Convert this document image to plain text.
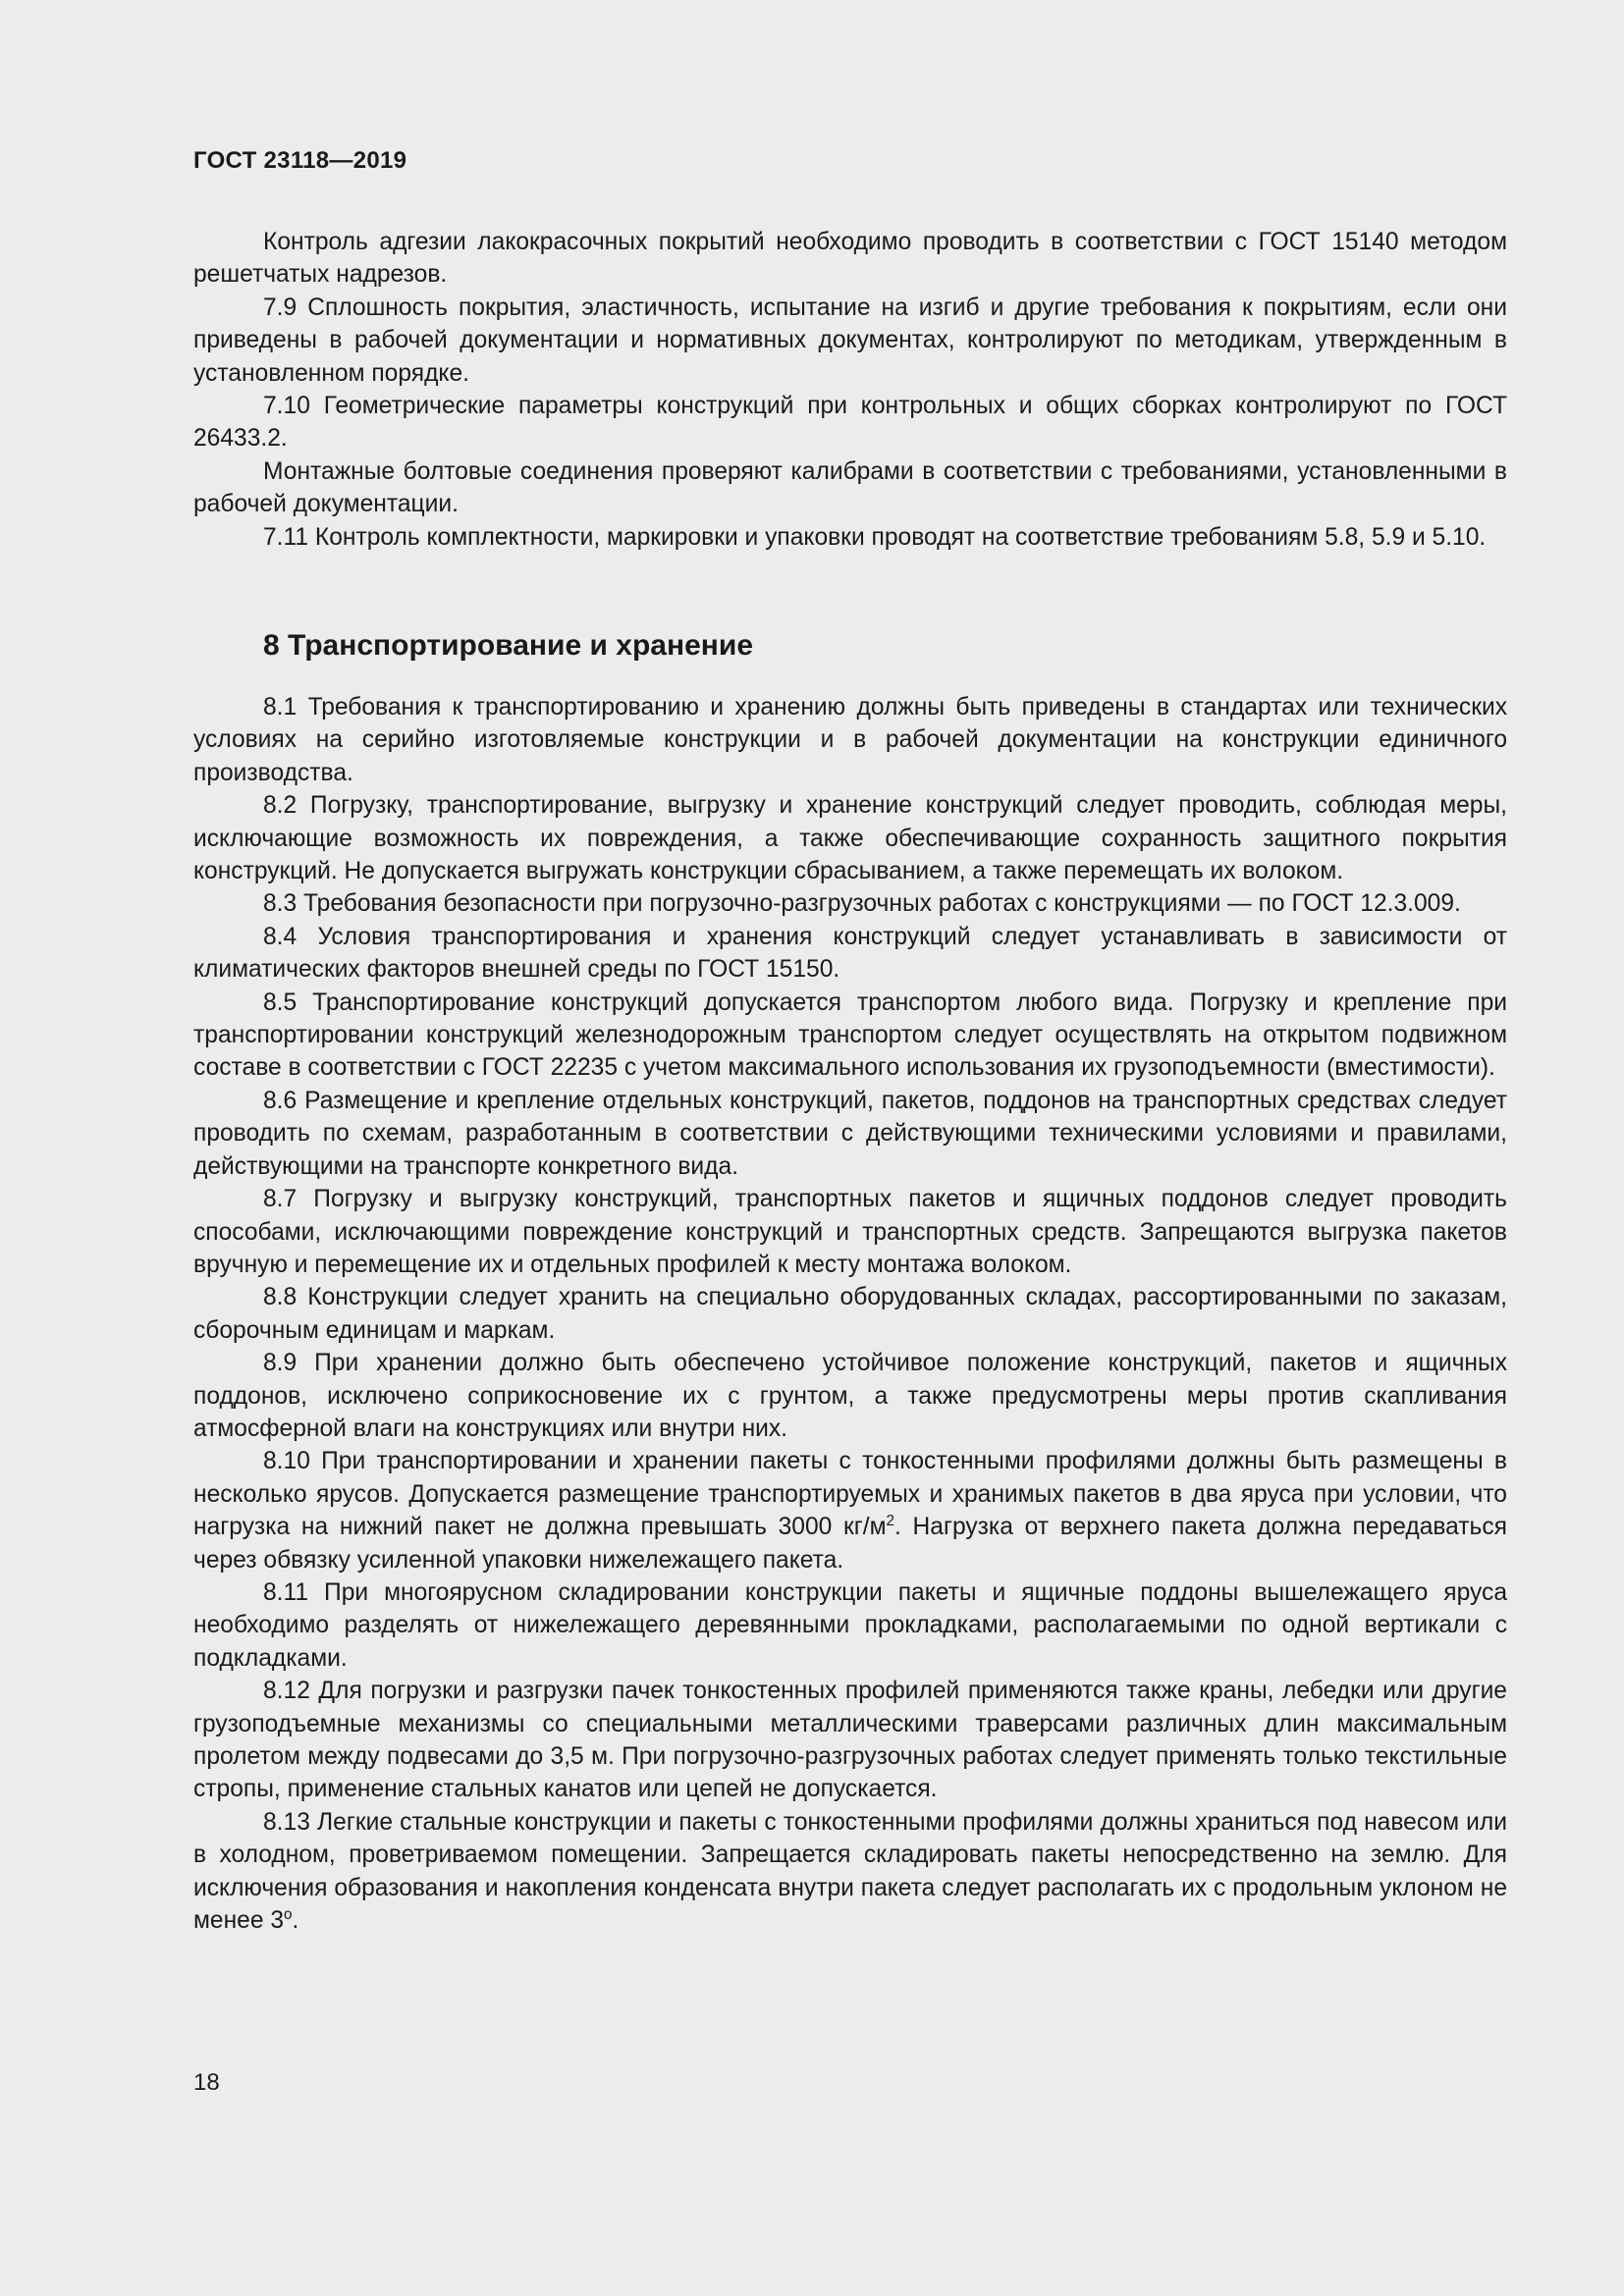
ГОСТ 23118—2019

Контроль адгезии лакокрасочных покрытий необходимо проводить в соответствии с ГОСТ 15140 методом решетчатых надрезов.

7.9 Сплошность покрытия, эластичность, испытание на изгиб и другие требования к покрытиям, если они приведены в рабочей документации и нормативных документах, контролируют по методикам, утвержденным в установленном порядке.

7.10 Геометрические параметры конструкций при контрольных и общих сборках контролируют по ГОСТ 26433.2.

Монтажные болтовые соединения проверяют калибрами в соответствии с требованиями, установленными в рабочей документации.

7.11 Контроль комплектности, маркировки и упаковки проводят на соответствие требованиям 5.8, 5.9 и 5.10.

8 Транспортирование и хранение

8.1 Требования к транспортированию и хранению должны быть приведены в стандартах или технических условиях на серийно изготовляемые конструкции и в рабочей документации на конструкции единичного производства.

8.2 Погрузку, транспортирование, выгрузку и хранение конструкций следует проводить, соблюдая меры, исключающие возможность их повреждения, а также обеспечивающие сохранность защитного покрытия конструкций. Не допускается выгружать конструкции сбрасыванием, а также перемещать их волоком.

8.3 Требования безопасности при погрузочно-разгрузочных работах с конструкциями — по ГОСТ 12.3.009.

8.4 Условия транспортирования и хранения конструкций следует устанавливать в зависимости от климатических факторов внешней среды по ГОСТ 15150.

8.5 Транспортирование конструкций допускается транспортом любого вида. Погрузку и крепление при транспортировании конструкций железнодорожным транспортом следует осуществлять на открытом подвижном составе в соответствии с ГОСТ 22235 с учетом максимального использования их грузоподъемности (вместимости).

8.6 Размещение и крепление отдельных конструкций, пакетов, поддонов на транспортных средствах следует проводить по схемам, разработанным в соответствии с действующими техническими условиями и правилами, действующими на транспорте конкретного вида.

8.7 Погрузку и выгрузку конструкций, транспортных пакетов и ящичных поддонов следует проводить способами, исключающими повреждение конструкций и транспортных средств. Запрещаются выгрузка пакетов вручную и перемещение их и отдельных профилей к месту монтажа волоком.

8.8 Конструкции следует хранить на специально оборудованных складах, рассортированными по заказам, сборочным единицам и маркам.

8.9 При хранении должно быть обеспечено устойчивое положение конструкций, пакетов и ящичных поддонов, исключено соприкосновение их с грунтом, а также предусмотрены меры против скапливания атмосферной влаги на конструкциях или внутри них.

8.10 При транспортировании и хранении пакеты с тонкостенными профилями должны быть размещены в несколько ярусов. Допускается размещение транспортируемых и хранимых пакетов в два яруса при условии, что нагрузка на нижний пакет не должна превышать 3000 $кг/м^2$. Нагрузка от верхнего пакета должна передаваться через обвязку усиленной упаковки нижележащего пакета.

8.11 При многоярусном складировании конструкции пакеты и ящичные поддоны вышележащего яруса необходимо разделять от нижележащего деревянными прокладками, располагаемыми по одной вертикали с подкладками.

8.12 Для погрузки и разгрузки пачек тонкостенных профилей применяются также краны, лебедки или другие грузоподъемные механизмы со специальными металлическими траверсами различных длин максимальным пролетом между подвесами до 3,5 м. При погрузочно-разгрузочных работах следует применять только текстильные стропы, применение стальных канатов или цепей не допускается.

8.13 Легкие стальные конструкции и пакеты с тонкостенными профилями должны храниться под навесом или в холодном, проветриваемом помещении. Запрещается складировать пакеты непосредственно на землю. Для исключения образования и накопления конденсата внутри пакета следует располагать их с продольным уклоном не менее $3^о$.

18
